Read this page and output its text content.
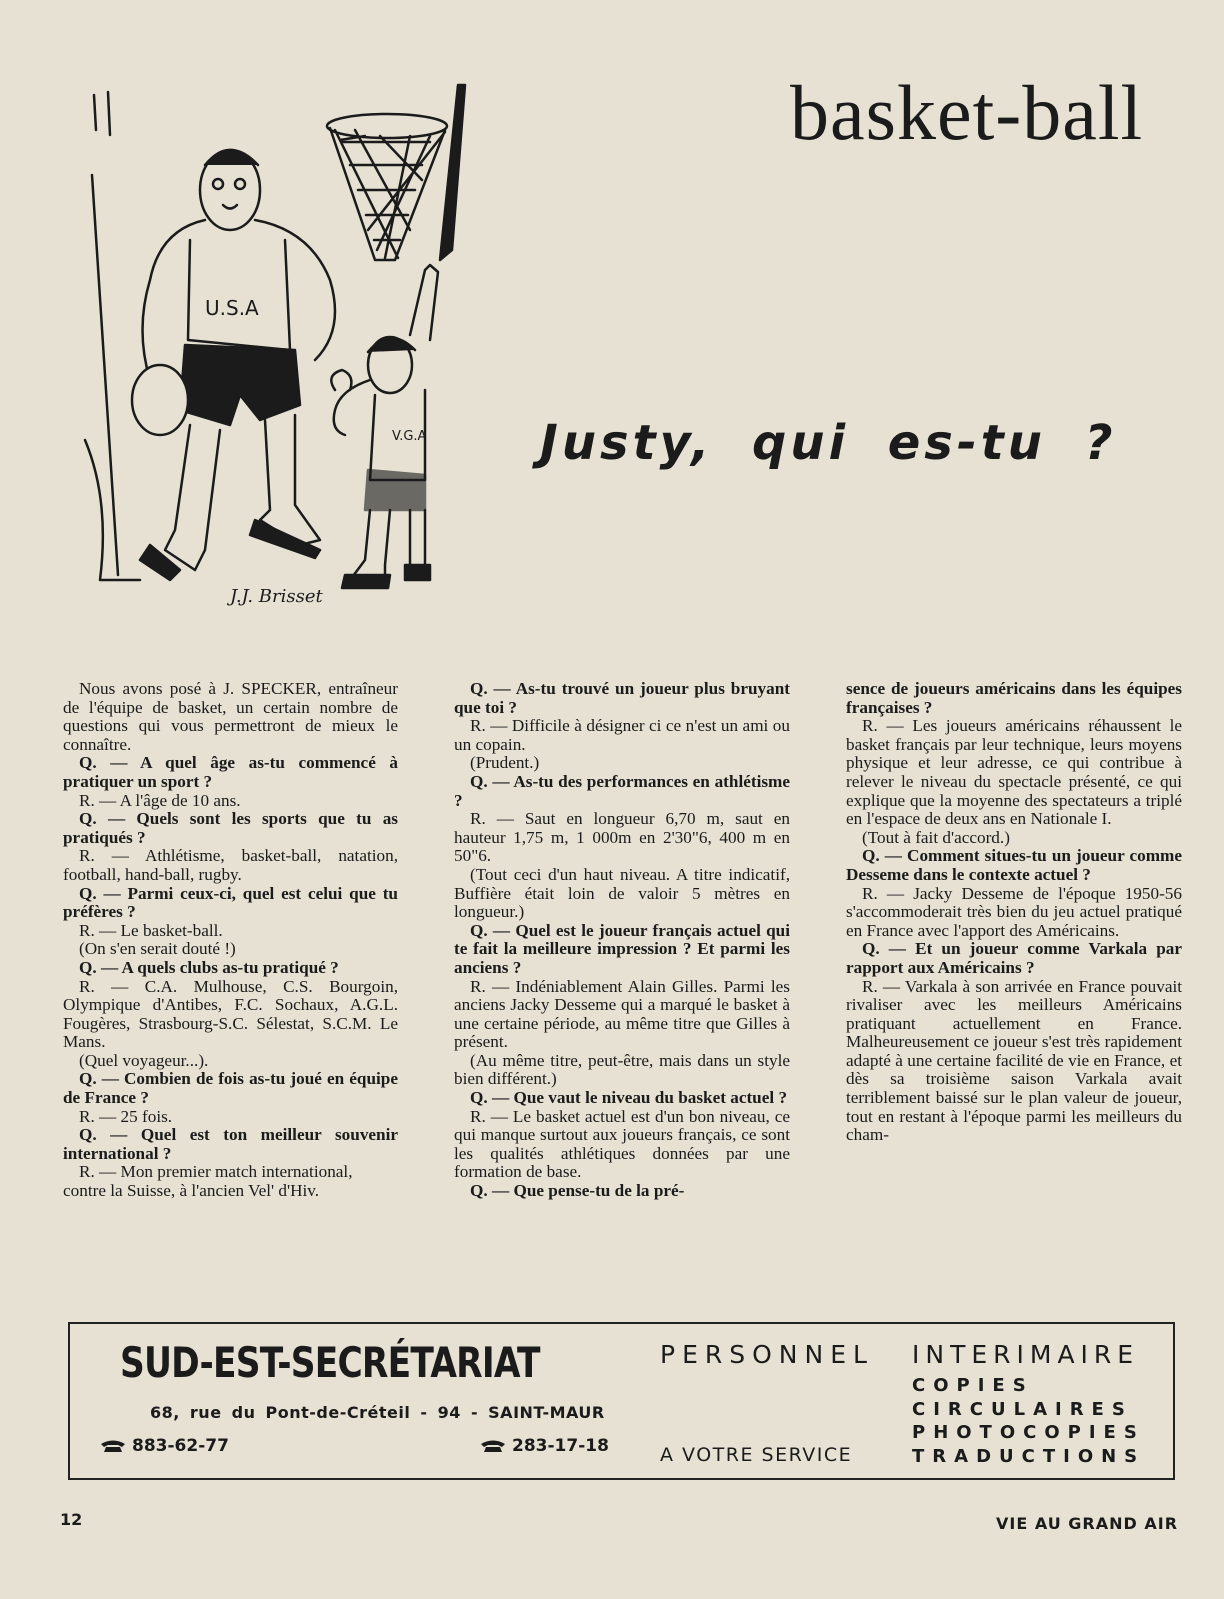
basket-ball
Justy, qui es-tu ?
U.S.A
V.G.A
J.J. Brisset

Nous avons posé à J. SPECKER, entraîneur de l'équipe de basket, un certain nombre de questions qui vous permettront de mieux le connaître.

Q. — A quel âge as-tu commencé à pratiquer un sport ?

R. — A l'âge de 10 ans.

Q. — Quels sont les sports que tu as pratiqués ?

R. — Athlétisme, basket-ball, natation, football, hand-ball, rugby.

Q. — Parmi ceux-ci, quel est celui que tu préfères ?

R. — Le basket-ball.

(On s'en serait douté !)

Q. — A quels clubs as-tu pratiqué ?

R. — C.A. Mulhouse, C.S. Bourgoin, Olympique d'Antibes, F.C. Sochaux, A.G.L. Fougères, Strasbourg-S.C. Sélestat, S.C.M. Le Mans.

(Quel voyageur...).

Q. — Combien de fois as-tu joué en équipe de France ?

R. — 25 fois.

Q. — Quel est ton meilleur souvenir international ?

R. — Mon premier match international, contre la Suisse, à l'ancien Vel' d'Hiv.

Q. — As-tu trouvé un joueur plus bruyant que toi ?

R. — Difficile à désigner ci ce n'est un ami ou un copain.

(Prudent.)

Q. — As-tu des performances en athlétisme ?

R. — Saut en longueur 6,70 m, saut en hauteur 1,75 m, 1 000m en 2'30"6, 400 m en 50"6.

(Tout ceci d'un haut niveau. A titre indicatif, Buffière était loin de valoir 5 mètres en longueur.)

Q. — Quel est le joueur français actuel qui te fait la meilleure impression ? Et parmi les anciens ?

R. — Indéniablement Alain Gilles. Parmi les anciens Jacky Desseme qui a marqué le basket à une certaine période, au même titre que Gilles à présent.

(Au même titre, peut-être, mais dans un style bien différent.)

Q. — Que vaut le niveau du basket actuel ?

R. — Le basket actuel est d'un bon niveau, ce qui manque surtout aux joueurs français, ce sont les qualités athlétiques données par une formation de base.

Q. — Que pense-tu de la pré-

sence de joueurs américains dans les équipes françaises ?

R. — Les joueurs américains réhaussent le basket français par leur technique, leurs moyens physique et leur adresse, ce qui contribue à relever le niveau du spectacle présenté, ce qui explique que la moyenne des spectateurs a triplé en l'espace de deux ans en Nationale I.

(Tout à fait d'accord.)

Q. — Comment situes-tu un joueur comme Desseme dans le contexte actuel ?

R. — Jacky Desseme de l'époque 1950-56 s'accommoderait très bien du jeu actuel pratiqué en France avec l'apport des Américains.

Q. — Et un joueur comme Varkala par rapport aux Américains ?

R. — Varkala à son arrivée en France pouvait rivaliser avec les meilleurs Américains pratiquant actuellement en France. Malheureusement ce joueur s'est très rapidement adapté à une certaine facilité de vie en France, et dès sa troisième saison Varkala avait terriblement baissé sur le plan valeur de joueur, tout en restant à l'époque parmi les meilleurs du cham-

SUD-EST-SECRÉTARIAT
68, rue du Pont-de-Créteil - 94 - SAINT-MAUR
883-62-77	283-17-18
PERSONNEL INTERIMAIRE
COPIES
CIRCULAIRES
PHOTOCOPIES
TRADUCTIONS
A VOTRE SERVICE
12	VIE AU GRAND AIR
